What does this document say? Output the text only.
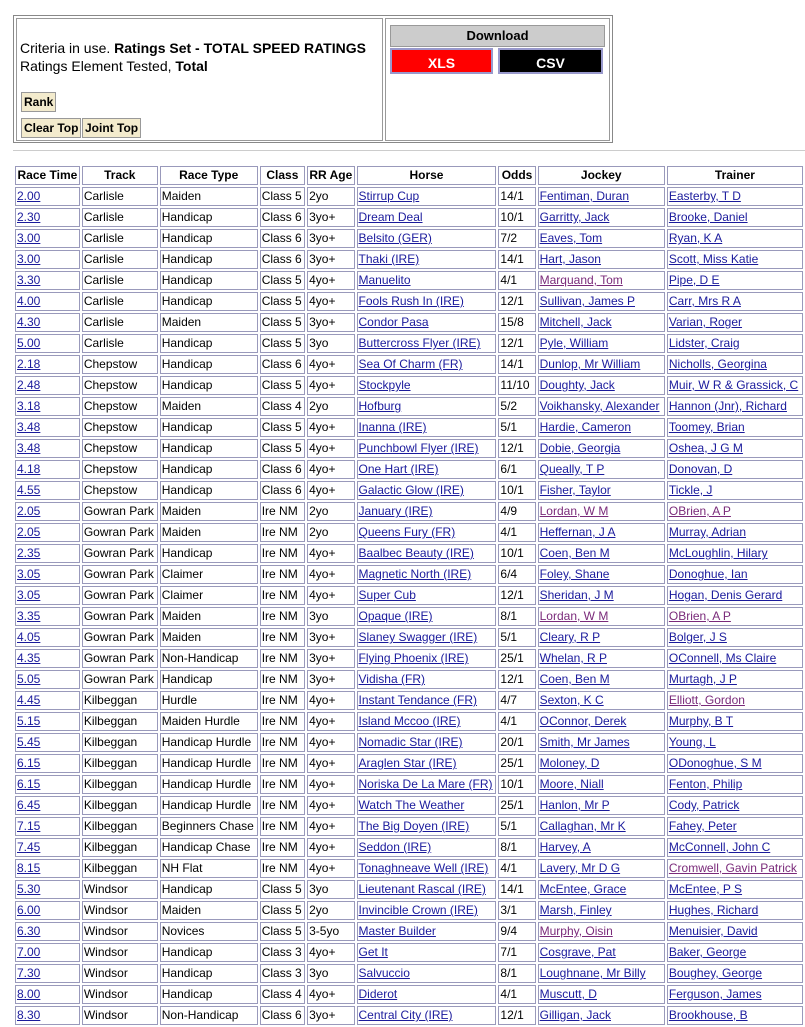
Criteria in use. Ratings Set - TOTAL SPEED RATINGS
Ratings Element Tested, Total
Rank
Clear Top Joint Top
Download
XLS	CSV
Race Time	Track	Race Type	Class	RR Age	Horse	Odds	Jockey	Trainer
2.00	Carlisle	Maiden	Class 5	2yo	Stirrup Cup	14/1	Fentiman, Duran	Easterby, T D
2.30	Carlisle	Handicap	Class 6	3yo+	Dream Deal	10/1	Garritty, Jack	Brooke, Daniel
3.00	Carlisle	Handicap	Class 6	3yo+	Belsito (GER)	7/2	Eaves, Tom	Ryan, K A
3.00	Carlisle	Handicap	Class 6	3yo+	Thaki (IRE)	14/1	Hart, Jason	Scott, Miss Katie
3.30	Carlisle	Handicap	Class 5	4yo+	Manuelito	4/1	Marquand, Tom	Pipe, D E
4.00	Carlisle	Handicap	Class 5	4yo+	Fools Rush In (IRE)	12/1	Sullivan, James P	Carr, Mrs R A
4.30	Carlisle	Maiden	Class 5	3yo+	Condor Pasa	15/8	Mitchell, Jack	Varian, Roger
5.00	Carlisle	Handicap	Class 5	3yo	Buttercross Flyer (IRE)	12/1	Pyle, William	Lidster, Craig
2.18	Chepstow	Handicap	Class 6	4yo+	Sea Of Charm (FR)	14/1	Dunlop, Mr William	Nicholls, Georgina
2.48	Chepstow	Handicap	Class 5	4yo+	Stockpyle	11/10	Doughty, Jack	Muir, W R & Grassick, C
3.18	Chepstow	Maiden	Class 4	2yo	Hofburg	5/2	Voikhansky, Alexander	Hannon (Jnr), Richard
3.48	Chepstow	Handicap	Class 5	4yo+	Inanna (IRE)	5/1	Hardie, Cameron	Toomey, Brian
3.48	Chepstow	Handicap	Class 5	4yo+	Punchbowl Flyer (IRE)	12/1	Dobie, Georgia	Oshea, J G M
4.18	Chepstow	Handicap	Class 6	4yo+	One Hart (IRE)	6/1	Queally, T P	Donovan, D
4.55	Chepstow	Handicap	Class 6	4yo+	Galactic Glow (IRE)	10/1	Fisher, Taylor	Tickle, J
2.05	Gowran Park	Maiden	Ire NM	2yo	January (IRE)	4/9	Lordan, W M	OBrien, A P
2.05	Gowran Park	Maiden	Ire NM	2yo	Queens Fury (FR)	4/1	Heffernan, J A	Murray, Adrian
2.35	Gowran Park	Handicap	Ire NM	4yo+	Baalbec Beauty (IRE)	10/1	Coen, Ben M	McLoughlin, Hilary
3.05	Gowran Park	Claimer	Ire NM	4yo+	Magnetic North (IRE)	6/4	Foley, Shane	Donoghue, Ian
3.05	Gowran Park	Claimer	Ire NM	4yo+	Super Cub	12/1	Sheridan, J M	Hogan, Denis Gerard
3.35	Gowran Park	Maiden	Ire NM	3yo	Opaque (IRE)	8/1	Lordan, W M	OBrien, A P
4.05	Gowran Park	Maiden	Ire NM	3yo+	Slaney Swagger (IRE)	5/1	Cleary, R P	Bolger, J S
4.35	Gowran Park	Non-Handicap	Ire NM	3yo+	Flying Phoenix (IRE)	25/1	Whelan, R P	OConnell, Ms Claire
5.05	Gowran Park	Handicap	Ire NM	3yo+	Vidisha (FR)	12/1	Coen, Ben M	Murtagh, J P
4.45	Kilbeggan	Hurdle	Ire NM	4yo+	Instant Tendance (FR)	4/7	Sexton, K C	Elliott, Gordon
5.15	Kilbeggan	Maiden Hurdle	Ire NM	4yo+	Island Mccoo (IRE)	4/1	OConnor, Derek	Murphy, B T
5.45	Kilbeggan	Handicap Hurdle	Ire NM	4yo+	Nomadic Star (IRE)	20/1	Smith, Mr James	Young, L
6.15	Kilbeggan	Handicap Hurdle	Ire NM	4yo+	Araglen Star (IRE)	25/1	Moloney, D	ODonoghue, S M
6.15	Kilbeggan	Handicap Hurdle	Ire NM	4yo+	Noriska De La Mare (FR)	10/1	Moore, Niall	Fenton, Philip
6.45	Kilbeggan	Handicap Hurdle	Ire NM	4yo+	Watch The Weather	25/1	Hanlon, Mr P	Cody, Patrick
7.15	Kilbeggan	Beginners Chase	Ire NM	4yo+	The Big Doyen (IRE)	5/1	Callaghan, Mr K	Fahey, Peter
7.45	Kilbeggan	Handicap Chase	Ire NM	4yo+	Seddon (IRE)	8/1	Harvey, A	McConnell, John C
8.15	Kilbeggan	NH Flat	Ire NM	4yo+	Tonaghneave Well (IRE)	4/1	Lavery, Mr D G	Cromwell, Gavin Patrick
5.30	Windsor	Handicap	Class 5	3yo	Lieutenant Rascal (IRE)	14/1	McEntee, Grace	McEntee, P S
6.00	Windsor	Maiden	Class 5	2yo	Invincible Crown (IRE)	3/1	Marsh, Finley	Hughes, Richard
6.30	Windsor	Novices	Class 5	3-5yo	Master Builder	9/4	Murphy, Oisin	Menuisier, David
7.00	Windsor	Handicap	Class 3	4yo+	Get It	7/1	Cosgrave, Pat	Baker, George
7.30	Windsor	Handicap	Class 3	3yo	Salvuccio	8/1	Loughnane, Mr Billy	Boughey, George
8.00	Windsor	Handicap	Class 4	4yo+	Diderot	4/1	Muscutt, D	Ferguson, James
8.30	Windsor	Non-Handicap	Class 6	3yo+	Central City (IRE)	12/1	Gilligan, Jack	Brookhouse, B
